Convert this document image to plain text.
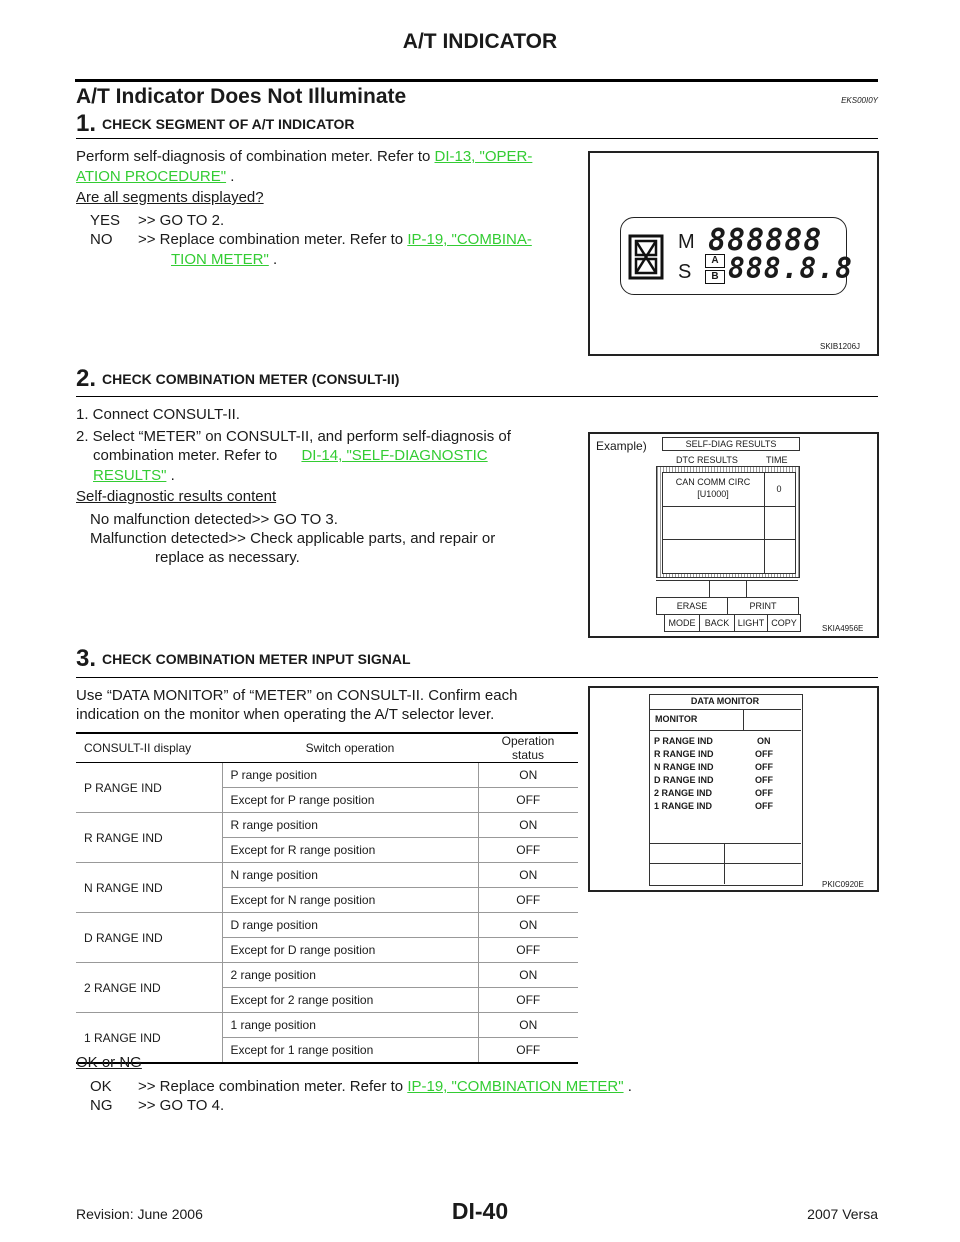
A/T INDICATOR
A/T Indicator Does Not Illuminate	EKS00I0Y
1. CHECK SEGMENT OF A/T INDICATOR
Perform self-diagnosis of combination meter. Refer to DI-13, "OPER-
ATION PROCEDURE" .
Are all segments displayed?
YES >> GO TO 2.
NO >> Replace combination meter. Refer to IP-19, "COMBINA-
TION METER" .
M
S
A
B
888888
888.8.8
SKIB1206J
2. CHECK COMBINATION METER (CONSULT-II)
1. Connect CONSULT-II.
2. Select “METER” on CONSULT-II, and perform self-diagnosis of
combination meter. Refer to DI-14, "SELF-DIAGNOSTIC
RESULTS" .
Self-diagnostic results content
No malfunction detected>> GO TO 3.
Malfunction detected>> Check applicable parts, and repair or
replace as necessary.
Example)	SELF-DIAG RESULTS
DTC RESULTS	TIME
CAN COMM CIRC
[U1000]	0
ERASE	PRINT
MODE	BACK LIGHT COPY
SKIA4956E
3. CHECK COMBINATION METER INPUT SIGNAL
Use “DATA MONITOR” of “METER” on CONSULT-II. Confirm each
indication on the monitor when operating the A/T selector lever.
CONSULT-II display	Switch operation	Operation status
P RANGE IND	P range position	ON
	Except for P range position	OFF
R RANGE IND	R range position	ON
	Except for R range position	OFF
N RANGE IND	N range position	ON
	Except for N range position	OFF
D RANGE IND	D range position	ON
	Except for D range position	OFF
2 RANGE IND	2 range position	ON
	Except for 2 range position	OFF
1 RANGE IND	1 range position	ON
	Except for 1 range position	OFF
DATA MONITOR
MONITOR
P RANGE IND	ON
R RANGE IND	OFF
N RANGE IND	OFF
D RANGE IND	OFF
2 RANGE IND	OFF
1 RANGE IND	OFF
PKIC0920E
OK or NG
OK >> Replace combination meter. Refer to IP-19, "COMBINATION METER" .
NG >> GO TO 4.
Revision: June 2006	DI-40	2007 Versa
